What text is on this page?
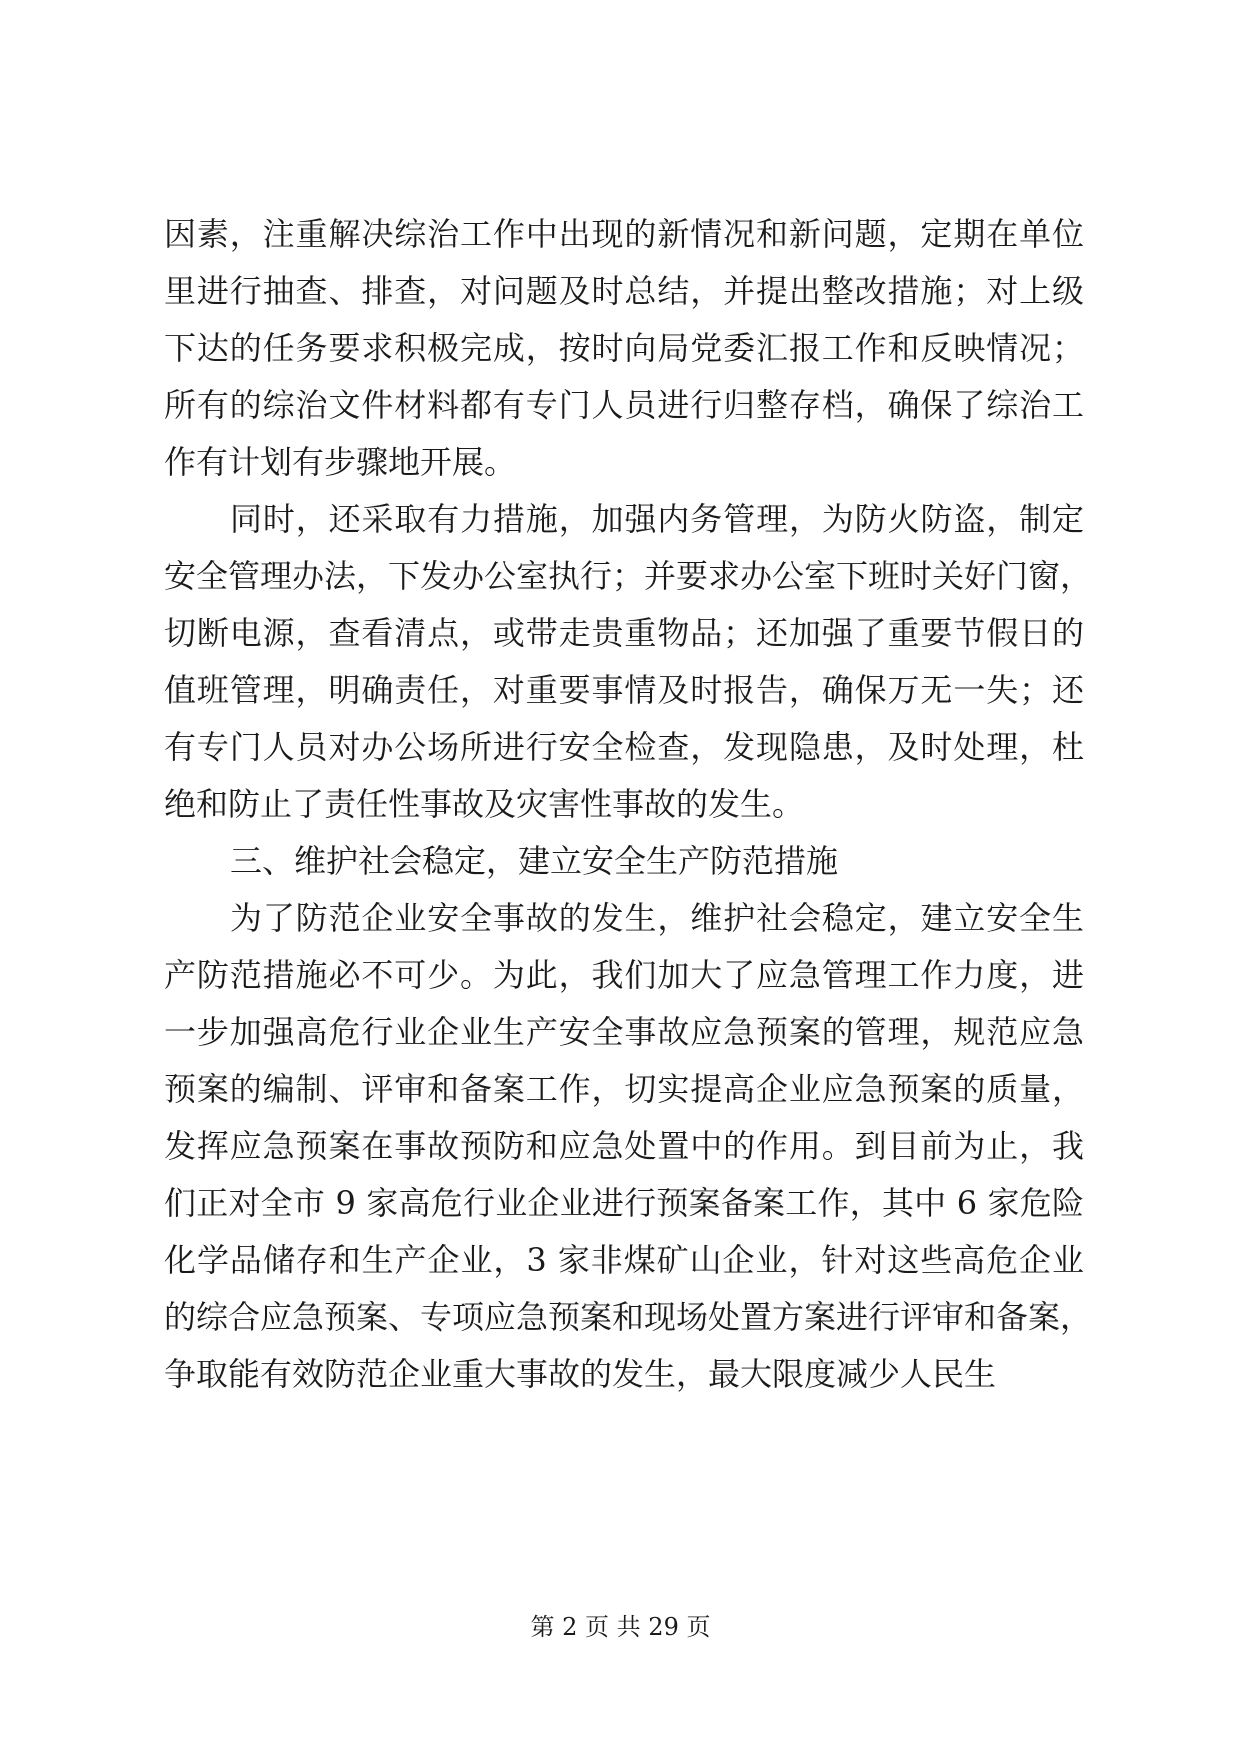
因素，注重解决综治工作中出现的新情况和新问题，定期在单位
里进行抽查、排查，对问题及时总结，并提出整改措施；对上级
下达的任务要求积极完成，按时向局党委汇报工作和反映情况；
所有的综治文件材料都有专门人员进行归整存档，确保了综治工
作有计划有步骤地开展。
同时，还采取有力措施，加强内务管理，为防火防盗，制定
安全管理办法，下发办公室执行；并要求办公室下班时关好门窗，
切断电源，查看清点，或带走贵重物品；还加强了重要节假日的
值班管理，明确责任，对重要事情及时报告，确保万无一失；还
有专门人员对办公场所进行安全检查，发现隐患，及时处理，杜
绝和防止了责任性事故及灾害性事故的发生。
三、维护社会稳定，建立安全生产防范措施
为了防范企业安全事故的发生，维护社会稳定，建立安全生
产防范措施必不可少。为此，我们加大了应急管理工作力度，进
一步加强高危行业企业生产安全事故应急预案的管理，规范应急
预案的编制、评审和备案工作，切实提高企业应急预案的质量，
发挥应急预案在事故预防和应急处置中的作用。到目前为止，我
们正对全市 9 家高危行业企业进行预案备案工作，其中 6 家危险
化学品储存和生产企业，3 家非煤矿山企业，针对这些高危企业
的综合应急预案、专项应急预案和现场处置方案进行评审和备案，
争取能有效防范企业重大事故的发生，最大限度减少人民生
第 2 页 共 29 页
